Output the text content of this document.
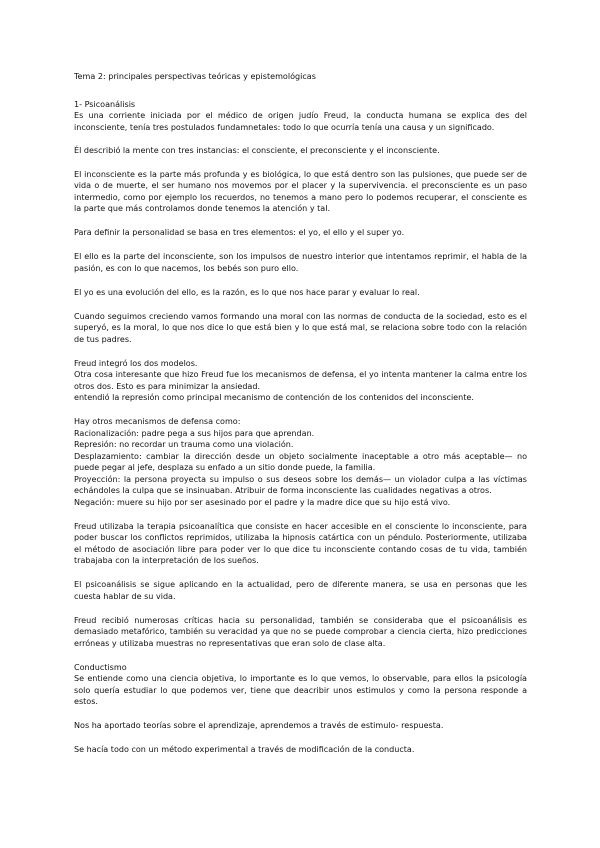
Tema 2: principales perspectivas teóricas y epistemológicas
1- Psicoanálisis
Es una corriente iniciada por el médico de origen judío Freud, la conducta humana se explica des del inconsciente, tenía tres postulados fundamnetales: todo lo que ocurría tenía una causa y un significado.
Él describió la mente con tres instancias: el consciente, el preconsciente y el inconsciente.
El inconsciente es la parte más profunda y es biológica, lo que está dentro son las pulsiones, que puede ser de vida o de muerte, el ser humano nos movemos por el placer y la supervivencia. el preconsciente es un paso intermedio, como por ejemplo los recuerdos, no tenemos a mano pero lo podemos recuperar, el consciente es la parte que más controlamos donde tenemos la atención y tal.
Para definir la personalidad se basa en tres elementos: el yo, el ello y el super yo.
El ello es la parte del inconsciente, son los impulsos de nuestro interior que intentamos reprimir, el habla de la pasión, es con lo que nacemos, los bebés son puro ello.
El yo es una evolución del ello, es la razón, es lo que nos hace parar y evaluar lo real.
Cuando seguimos creciendo vamos formando una moral con las normas de conducta de la sociedad, esto es el superyó, es la moral, lo que nos dice lo que está bien y lo que está mal, se relaciona sobre todo con la relación de tus padres.
Freud integró los dos modelos.
Otra cosa interesante que hizo Freud fue los mecanismos de defensa, el yo intenta mantener la calma entre los otros dos. Esto es para minimizar la ansiedad.
entendió la represión como principal mecanismo de contención de los contenidos del inconsciente.
Hay otros mecanismos de defensa como:
Racionalización: padre pega a sus hijos para que aprendan.
Represión: no recordar un trauma como una violación.
Desplazamiento: cambiar la dirección desde un objeto socialmente inaceptable a otro más aceptable— no puede pegar al jefe, desplaza su enfado a un sitio donde puede, la familia.
Proyección: la persona proyecta su impulso o sus deseos sobre los demás— un violador culpa a las víctimas echándoles la culpa que se insinuaban. Atribuir de forma inconsciente las cualidades negativas a otros.
Negación: muere su hijo por ser asesinado por el padre y la madre dice que su hijo está vivo.
Freud utilizaba la terapia psicoanalítica que consiste en hacer accesible en el consciente lo inconsciente, para poder buscar los conflictos reprimidos, utilizaba la hipnosis catártica con un péndulo. Posteriormente, utilizaba el método de asociación libre para poder ver lo que dice tu inconsciente contando cosas de tu vida, también trabajaba con la interpretación de los sueños.
El psicoanálisis se sigue aplicando en la actualidad, pero de diferente manera, se usa en personas que les cuesta hablar de su vida.
Freud recibió numerosas críticas hacia su personalidad, también se consideraba que el psicoanálisis es demasiado metafórico, también su veracidad ya que no se puede comprobar a ciencia cierta, hizo predicciones erróneas y utilizaba muestras no representativas que eran solo de clase alta.
Conductismo
Se entiende como una ciencia objetiva, lo importante es lo que vemos, lo observable, para ellos la psicología solo quería estudiar lo que podemos ver, tiene que deacribir unos estimulos y como la persona responde a estos.
Nos ha aportado teorías sobre el aprendizaje, aprendemos a través de estimulo- respuesta.
Se hacía todo con un método experimental a través de modificación de la conducta.
